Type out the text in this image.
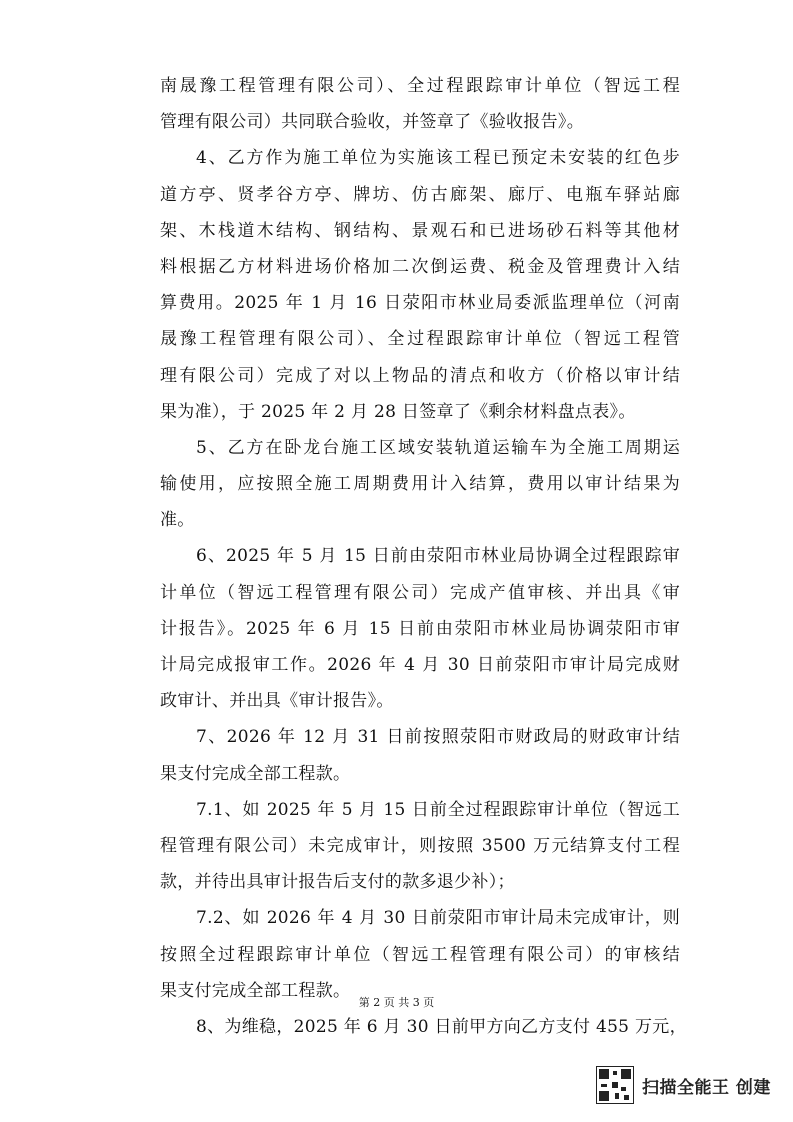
南晟豫工程管理有限公司）、全过程跟踪审计单位（智远工程
管理有限公司）共同联合验收，并签章了《验收报告》。
4、乙方作为施工单位为实施该工程已预定未安装的红色步
道方亭、贤孝谷方亭、牌坊、仿古廊架、廊厅、电瓶车驿站廊
架、木栈道木结构、钢结构、景观石和已进场砂石料等其他材
料根据乙方材料进场价格加二次倒运费、税金及管理费计入结
算费用。2025 年 1 月 16 日荥阳市林业局委派监理单位（河南
晟豫工程管理有限公司）、全过程跟踪审计单位（智远工程管
理有限公司）完成了对以上物品的清点和收方（价格以审计结
果为准），于 2025 年 2 月 28 日签章了《剩余材料盘点表》。
5、乙方在卧龙台施工区域安装轨道运输车为全施工周期运
输使用，应按照全施工周期费用计入结算，费用以审计结果为
准。
6、2025 年 5 月 15 日前由荥阳市林业局协调全过程跟踪审
计单位（智远工程管理有限公司）完成产值审核、并出具《审
计报告》。2025 年 6 月 15 日前由荥阳市林业局协调荥阳市审
计局完成报审工作。2026 年 4 月 30 日前荥阳市审计局完成财
政审计、并出具《审计报告》。
7、2026 年 12 月 31 日前按照荥阳市财政局的财政审计结
果支付完成全部工程款。
7.1、如 2025 年 5 月 15 日前全过程跟踪审计单位（智远工
程管理有限公司）未完成审计，则按照 3500 万元结算支付工程
款，并待出具审计报告后支付的款多退少补）；
7.2、如 2026 年 4 月 30 日前荥阳市审计局未完成审计，则
按照全过程跟踪审计单位（智远工程管理有限公司）的审核结
果支付完成全部工程款。
8、为维稳，2025 年 6 月 30 日前甲方向乙方支付 455 万元，
第 2 页 共 3 页
扫描全能王 创建
